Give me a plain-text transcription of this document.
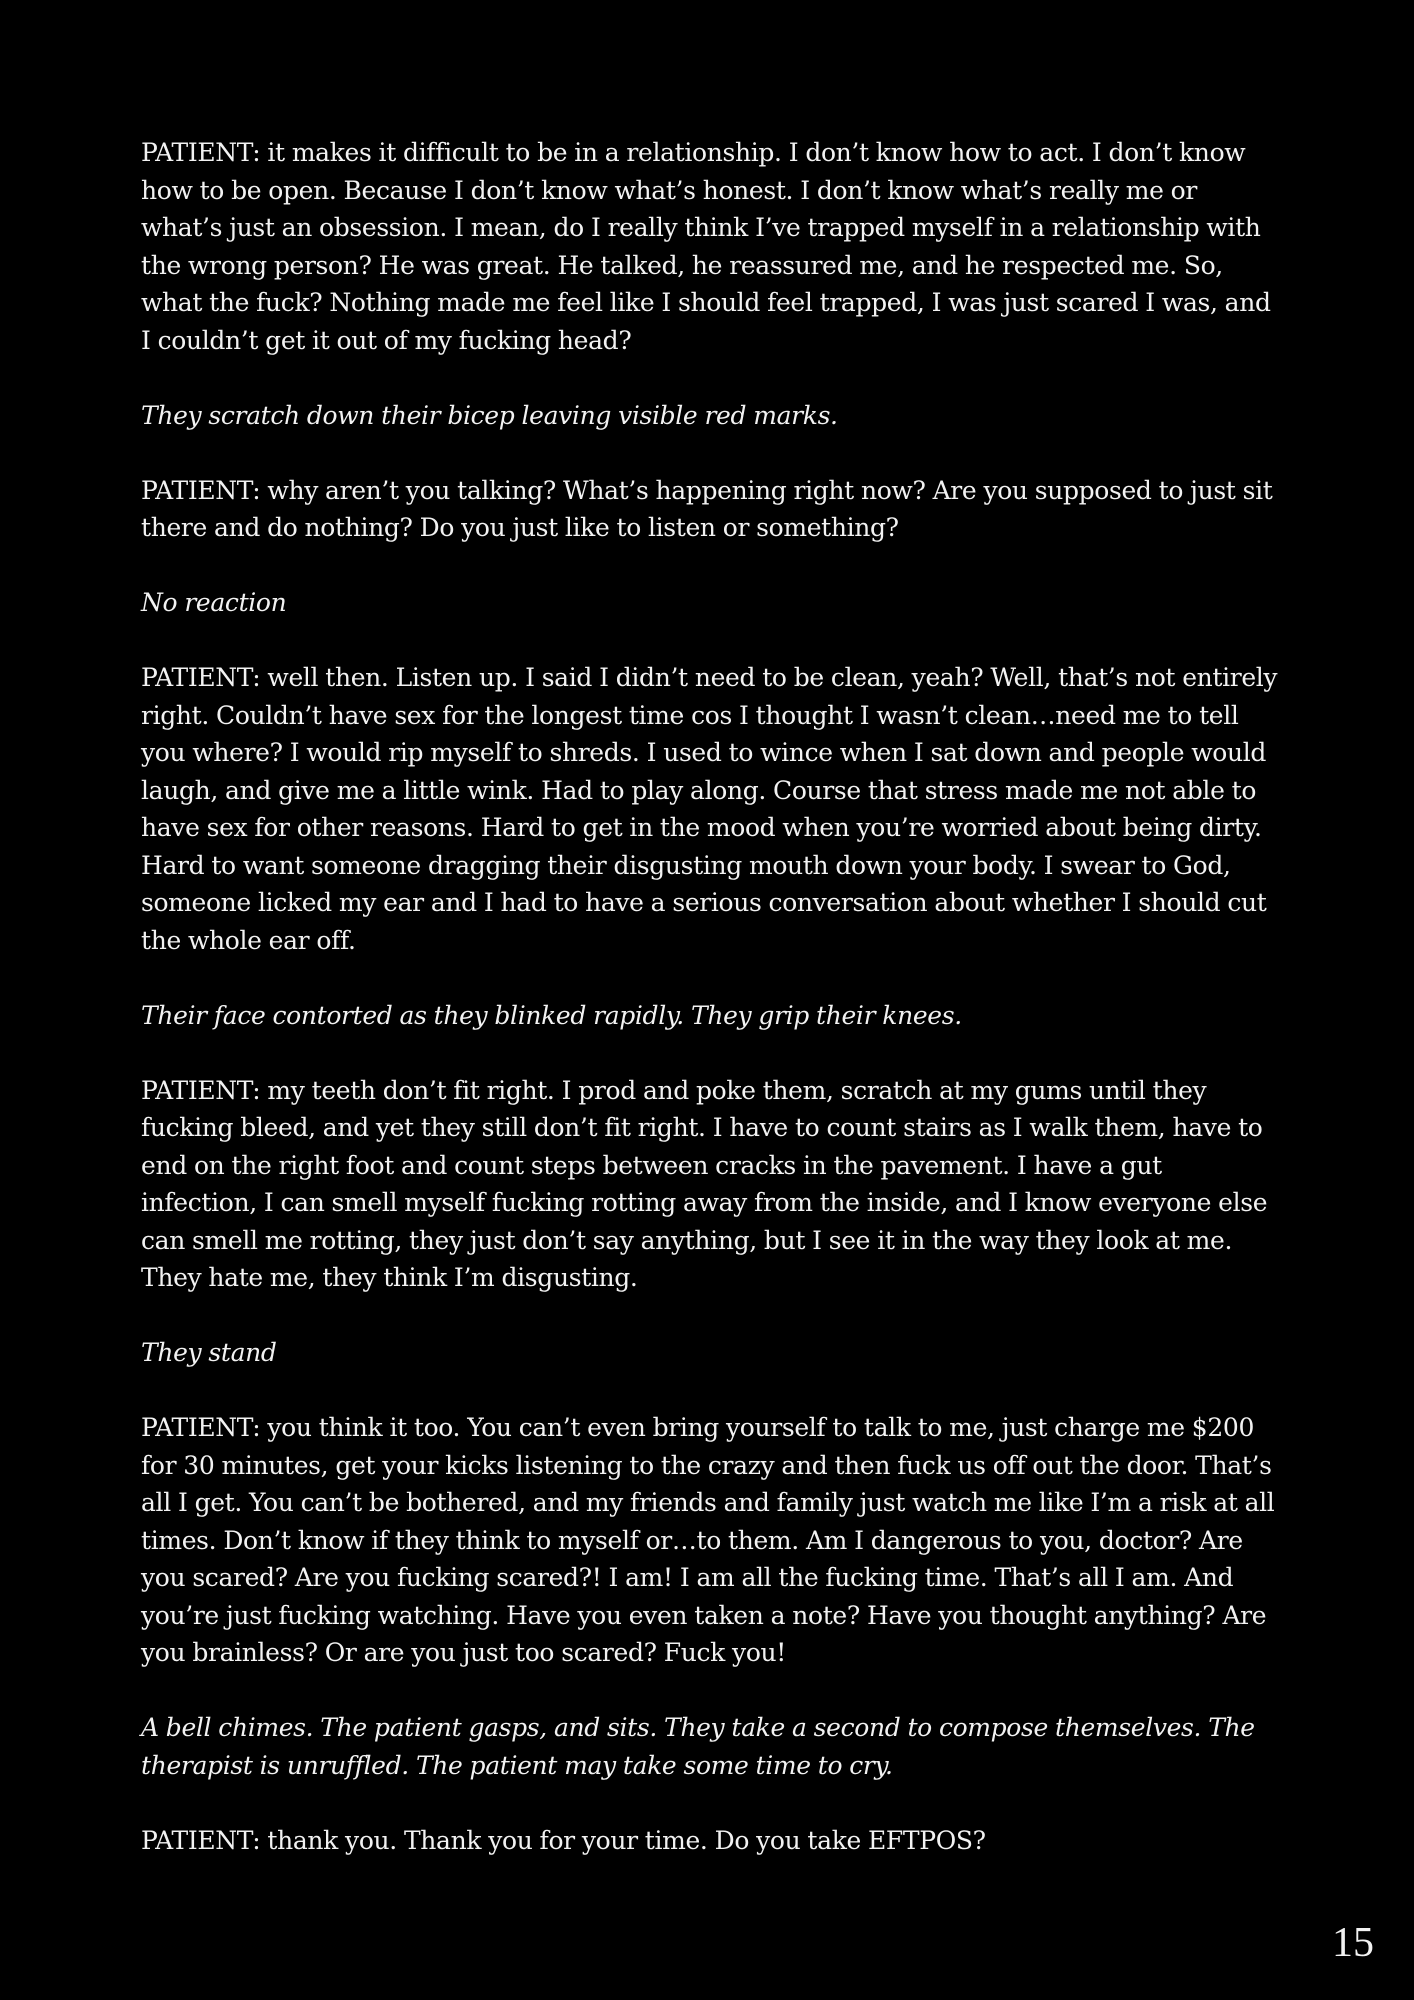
PATIENT: it makes it difficult to be in a relationship. I don’t know how to act. I don’t know how to be open. Because I don’t know what’s honest. I don’t know what’s really me or what’s just an obsession. I mean, do I really think I’ve trapped myself in a relationship with the wrong person? He was great. He talked, he reassured me, and he respected me. So, what the fuck? Nothing made me feel like I should feel trapped, I was just scared I was, and I couldn’t get it out of my fucking head?

They scratch down their bicep leaving visible red marks.

PATIENT: why aren’t you talking? What’s happening right now? Are you supposed to just sit there and do nothing? Do you just like to listen or something?

No reaction

PATIENT: well then. Listen up. I said I didn’t need to be clean, yeah? Well, that’s not entirely right. Couldn’t have sex for the longest time cos I thought I wasn’t clean…need me to tell you where? I would rip myself to shreds. I used to wince when I sat down and people would laugh, and give me a little wink. Had to play along. Course that stress made me not able to have sex for other reasons. Hard to get in the mood when you’re worried about being dirty. Hard to want someone dragging their disgusting mouth down your body. I swear to God, someone licked my ear and I had to have a serious conversation about whether I should cut the whole ear off.

Their face contorted as they blinked rapidly. They grip their knees.

PATIENT: my teeth don’t fit right. I prod and poke them, scratch at my gums until they fucking bleed, and yet they still don’t fit right. I have to count stairs as I walk them, have to end on the right foot and count steps between cracks in the pavement. I have a gut infection, I can smell myself fucking rotting away from the inside, and I know everyone else can smell me rotting, they just don’t say anything, but I see it in the way they look at me. They hate me, they think I’m disgusting.

They stand

PATIENT: you think it too. You can’t even bring yourself to talk to me, just charge me $200 for 30 minutes, get your kicks listening to the crazy and then fuck us off out the door. That’s all I get. You can’t be bothered, and my friends and family just watch me like I’m a risk at all times. Don’t know if they think to myself or…to them. Am I dangerous to you, doctor? Are you scared? Are you fucking scared?! I am! I am all the fucking time. That’s all I am. And you’re just fucking watching. Have you even taken a note? Have you thought anything? Are you brainless? Or are you just too scared? Fuck you!

A bell chimes. The patient gasps, and sits. They take a second to compose themselves. The therapist is unruffled. The patient may take some time to cry.

PATIENT: thank you. Thank you for your time. Do you take EFTPOS?

15
